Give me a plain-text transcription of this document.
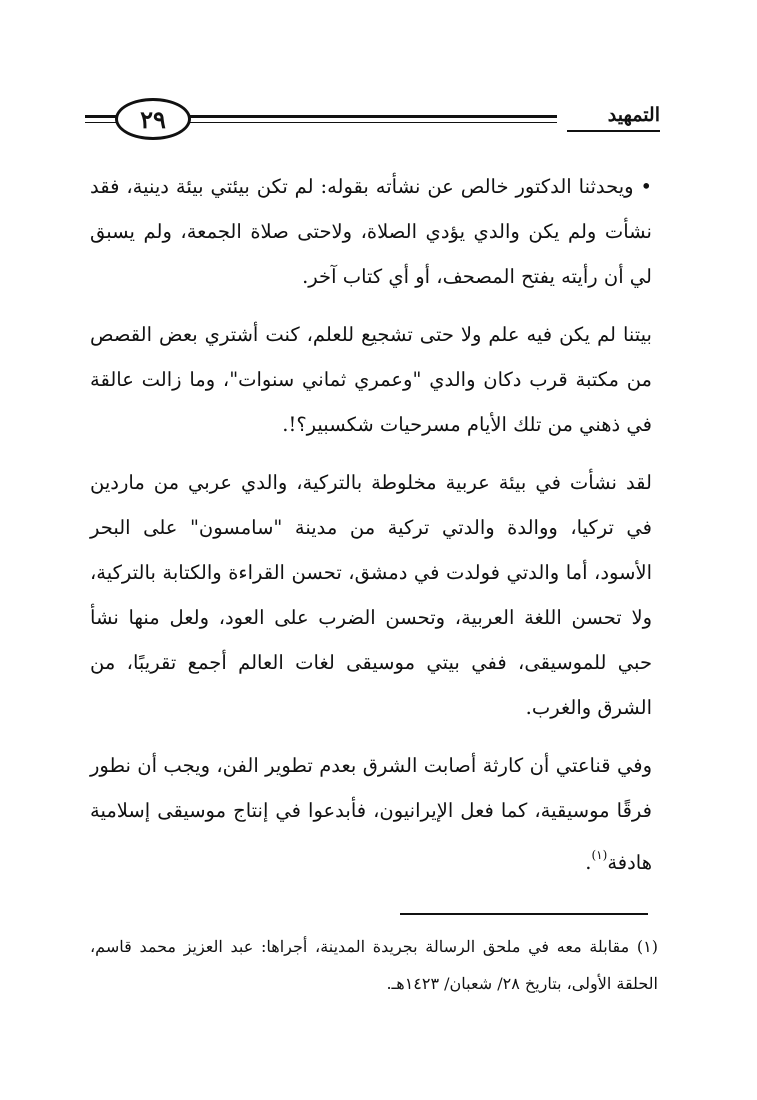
٢٩	التمهيد

• ويحدثنا الدكتور خالص عن نشأته بقوله: لم تكن بيئتي بيئة دينية، فقد نشأت ولم يكن والدي يؤدي الصلاة، ولاحتى صلاة الجمعة، ولم يسبق لي أن رأيته يفتح المصحف، أو أي كتاب آخر.

بيتنا لم يكن فيه علم ولا حتى تشجيع للعلم، كنت أشتري بعض القصص من مكتبة قرب دكان والدي "وعمري ثماني سنوات"، وما زالت عالقة في ذهني من تلك الأيام مسرحيات شكسبير؟!.

لقد نشأت في بيئة عربية مخلوطة بالتركية، والدي عربي من ماردين في تركيا، ووالدة والدتي تركية من مدينة "سامسون" على البحر الأسود، أما والدتي فولدت في دمشق، تحسن القراءة والكتابة بالتركية، ولا تحسن اللغة العربية، وتحسن الضرب على العود، ولعل منها نشأ حبي للموسيقى، ففي بيتي موسيقى لغات العالم أجمع تقريبًا، من الشرق والغرب.

وفي قناعتي أن كارثة أصابت الشرق بعدم تطوير الفن، ويجب أن نطور فرقًا موسيقية، كما فعل الإيرانيون، فأبدعوا في إنتاج موسيقى إسلامية هادفة$^{(١)}$.

(١) مقابلة معه في ملحق الرسالة بجريدة المدينة، أجراها: عبد العزيز محمد قاسم، الحلقة الأولى، بتاريخ ٢٨/ شعبان/ ١٤٢٣هـ.
